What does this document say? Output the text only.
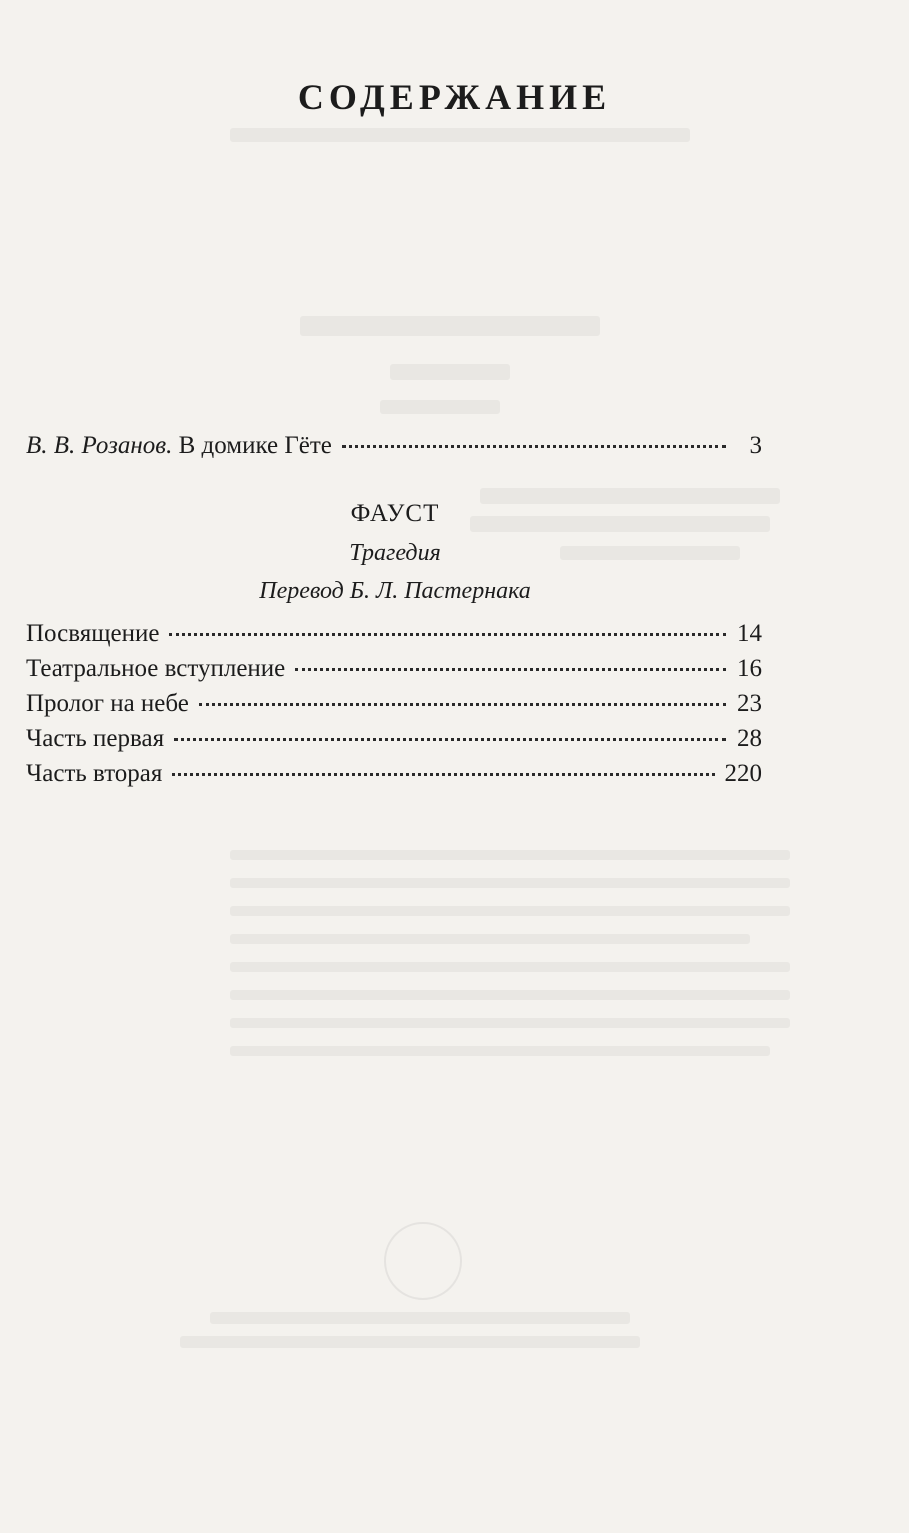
СОДЕРЖАНИЕ
В. В. Розанов. В домике Гёте	3
ФАУСТ
Трагедия
Перевод Б. Л. Пастернака
Посвящение	14
Театральное вступление	16
Пролог на небе	23
Часть первая	28
Часть вторая	220
